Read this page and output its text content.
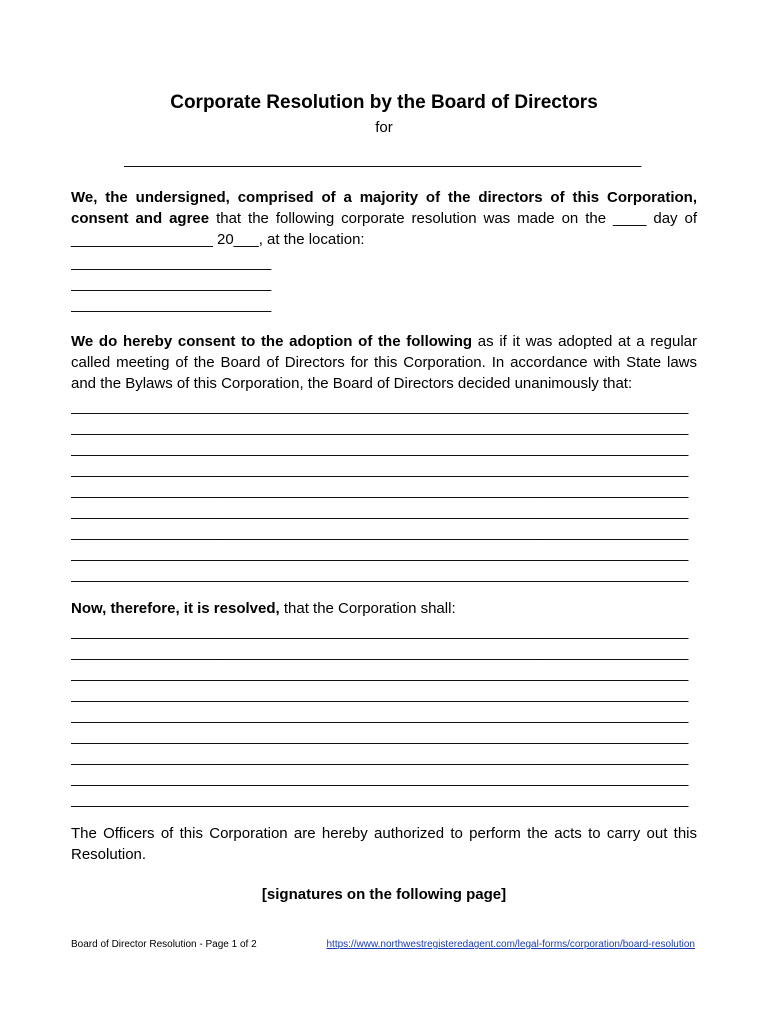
Corporate Resolution by the Board of Directors
for
______________________________________________________________
We, the undersigned, comprised of a majority of the directors of this Corporation, consent and agree that the following corporate resolution was made on the ____ day of _________________ 20___, at the location:
________________________
________________________
________________________
We do hereby consent to the adoption of the following as if it was adopted at a regular called meeting of the Board of Directors for this Corporation. In accordance with State laws and the Bylaws of this Corporation, the Board of Directors decided unanimously that:
__________________________________________________________________________
__________________________________________________________________________
__________________________________________________________________________
__________________________________________________________________________
__________________________________________________________________________
__________________________________________________________________________
__________________________________________________________________________
__________________________________________________________________________
__________________________________________________________________________
Now, therefore, it is resolved, that the Corporation shall:
__________________________________________________________________________
__________________________________________________________________________
__________________________________________________________________________
__________________________________________________________________________
__________________________________________________________________________
__________________________________________________________________________
__________________________________________________________________________
__________________________________________________________________________
__________________________________________________________________________
The Officers of this Corporation are hereby authorized to perform the acts to carry out this Resolution.
[signatures on the following page]
Board of Director Resolution - Page 1 of 2	https://www.northwestregisteredagent.com/legal-forms/corporation/board-resolution
